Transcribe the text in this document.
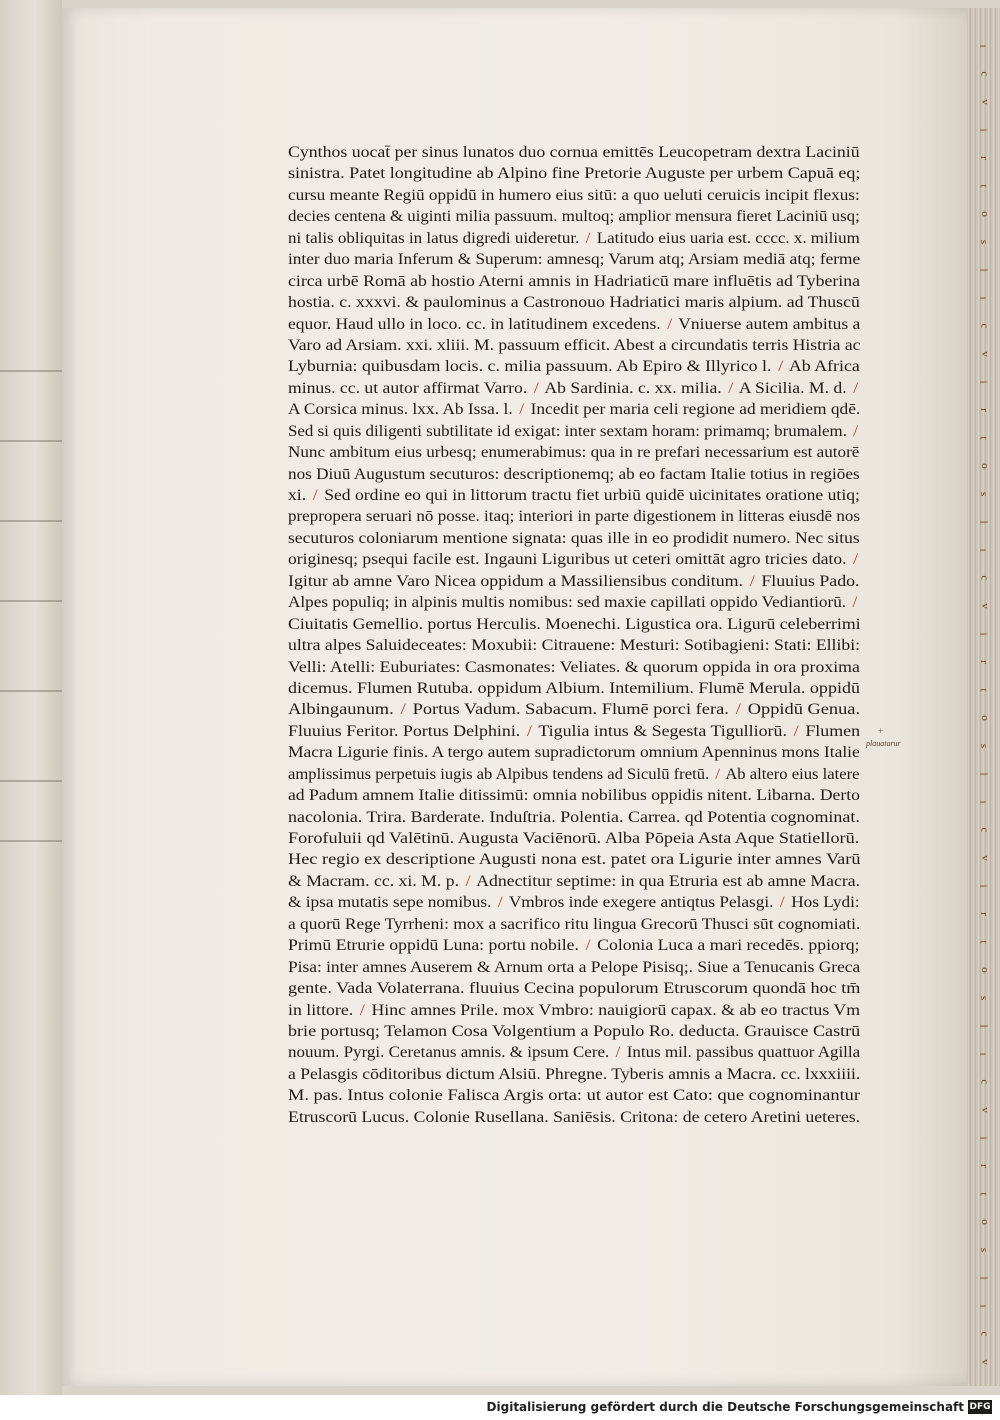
Cynthos uocat̄ per sinus lunatos duo cornua emittēs Leucopetram dextra Laciniū
sinistra. Patet longitudine ab Alpino fine Pretorie Auguste per urbem Capuā eq;
cursu meante Regiū oppidū in humero eius sitū: a quo ueluti ceruicis incipit flexus:
decies centena & uiginti milia passuum. multoq; amplior mensura fieret Laciniū usq;
ni talis obliquitas in latus digredi uideretur. / Latitudo eius uaria est. cccc. x. milium
inter duo maria Inferum & Superum: amnesq; Varum atq; Arsiam mediā atq; ferme
circa urbē Romā ab hostio Aterni amnis in Hadriaticū mare influētis ad Tyberina
hostia. c. xxxvi. & paulominus a Castronouo Hadriatici maris alpium. ad Thuscū
equor. Haud ullo in loco. cc. in latitudinem excedens. / Vniuerse autem ambitus a
Varo ad Arsiam. xxi. xliii. M. passuum efficit. Abest a circundatis terris Histria ac
Lyburnia: quibusdam locis. c. milia passuum. Ab Epiro & Illyrico l. / Ab Africa
minus. cc. ut autor affirmat Varro. / Ab Sardinia. c. xx. milia. / A Sicilia. M. d. /
A Corsica minus. lxx. Ab Issa. l. / Incedit per maria celi regione ad meridiem qdē.
Sed si quis diligenti subtilitate id exigat: inter sextam horam: primamq; brumalem. /
Nunc ambitum eius urbesq; enumerabimus: qua in re prefari necessarium est autorē
nos Diuū Augustum secuturos: descriptionemq; ab eo factam Italie totius in regiōes
xi. / Sed ordine eo qui in littorum tractu fiet urbiū quidē uicinitates oratione utiq;
prepropera seruari nō posse. itaq; interiori in parte digestionem in litteras eiusdē nos
secuturos coloniarum mentione signata: quas ille in eo prodidit numero. Nec situs
originesq; psequi facile est. Ingauni Liguribus ut ceteri omittāt agro tricies dato. /
Igitur ab amne Varo Nicea oppidum a Massiliensibus conditum. / Fluuius Pado.
Alpes populiq; in alpinis multis nomibus: sed maxie capillati oppido Vediantiorū. /
Ciuitatis Gemellio. portus Herculis. Moenechi. Ligustica ora. Ligurū celeberrimi
ultra alpes Saluideceates: Moxubii: Citrauene: Mesturi: Sotibagieni: Stati: Ellibi:
Velli: Atelli: Euburiates: Casmonates: Veliates. & quorum oppida in ora proxima
dicemus. Flumen Rutuba. oppidum Albium. Intemilium. Flumē Merula. oppidū
Albingaunum. / Portus Vadum. Sabacum. Flumē porci fera. / Oppidū Genua.
Fluuius Feritor. Portus Delphini. / Tigulia intus & Segesta Tigulliorū. / Flumen
Macra Ligurie finis. A tergo autem supradictorum omnium Apenninus mons Italie
amplissimus perpetuis iugis ab Alpibus tendens ad Siculū fretū. / Ab altero eius latere
ad Padum amnem Italie ditissimū: omnia nobilibus oppidis nitent. Libarna. Derto
nacolonia. Trira. Barderate. Induſtria. Polentia. Carrea. qd Potentia cognominat.
Forofuluii qd Valētinū. Augusta Vaciēnorū. Alba Pōpeia Asta Aque Statiellorū.
Hec regio ex descriptione Augusti nona est. patet ora Ligurie inter amnes Varū
& Macram. cc. xi. M. p. / Adnectitur septime: in qua Etruria est ab amne Macra.
& ipsa mutatis sepe nomibus. / Vmbros inde exegere antiqtus Pelasgi. / Hos Lydi:
a quorū Rege Tyrrheni: mox a sacrifico ritu lingua Grecorū Thusci sūt cognomiati.
Primū Etrurie oppidū Luna: portu nobile. / Colonia Luca a mari recedēs. ppiorq;
Pisa: inter amnes Auserem & Arnum orta a Pelope Pisisq;. Siue a Tenucanis Greca
gente. Vada Volaterrana. fluuius Cecina populorum Etruscorum quondā hoc tm̄
in littore. / Hinc amnes Prile. mox Vmbro: nauigiorū capax. & ab eo tractus Vm
brie portusq; Telamon Cosa Volgentium a Populo Ro. deducta. Grauisce Castrū
nouum. Pyrgi. Ceretanus amnis. & ipsum Cere. / Intus mil. passibus quattuor Agilla
a Pelasgis cōditoribus dictum Alsiū. Phregne. Tyberis amnis a Macra. cc. lxxxiiii.
M. pas. Intus colonie Falisca Argis orta: ut autor est Cato: que cognominantur
Etruscorū Lucus. Colonie Rusellana. Saniēsis. Critona: de cetero Aretini ueteres.
+
plauatarur
ı
c
v
i
r
t
o
s
l
ı
c
v
i
r
t
o
s
l
ı
c
v
i
r
t
o
s
l
ı
c
v
i
r
t
o
s
l
ı
c
v
i
r
t
o
s
l
ı
c
v
Digitalisierung gefördert durch die Deutsche Forschungsgemeinschaft DFG
